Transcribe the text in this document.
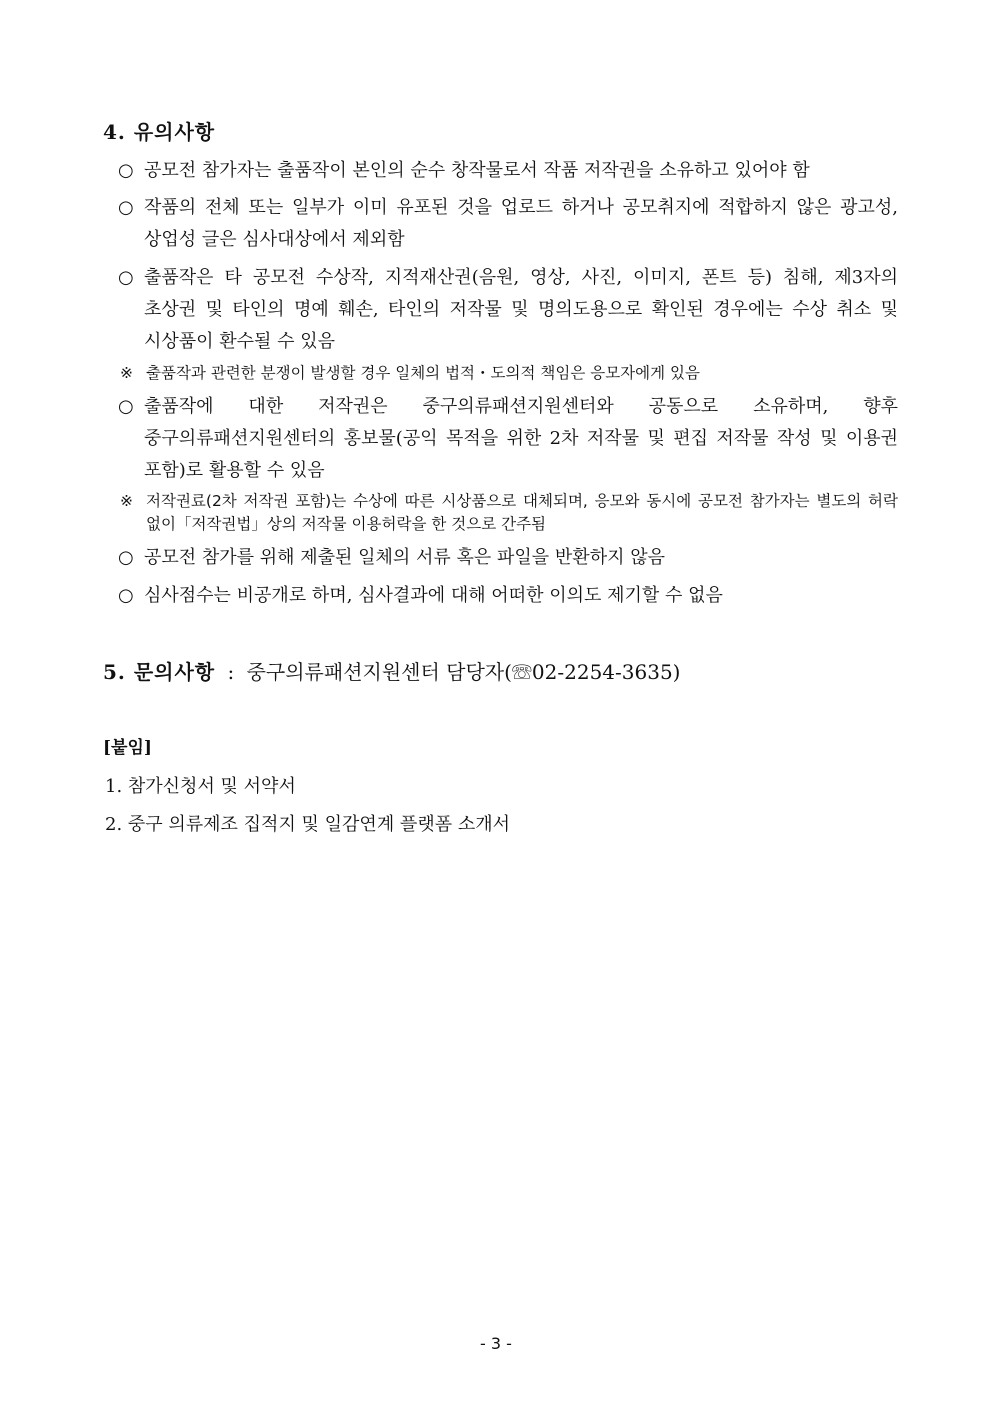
4. 유의사항
○ 공모전 참가자는 출품작이 본인의 순수 창작물로서 작품 저작권을 소유하고 있어야 함
○ 작품의 전체 또는 일부가 이미 유포된 것을 업로드 하거나 공모취지에 적합하지 않은 광고성, 상업성 글은 심사대상에서 제외함
○ 출품작은 타 공모전 수상작, 지적재산권(음원, 영상, 사진, 이미지, 폰트 등) 침해, 제3자의 초상권 및 타인의 명예 훼손, 타인의 저작물 및 명의도용으로 확인된 경우에는 수상 취소 및 시상품이 환수될 수 있음
※ 출품작과 관련한 분쟁이 발생할 경우 일체의 법적・도의적 책임은 응모자에게 있음
○ 출품작에 대한 저작권은 중구의류패션지원센터와 공동으로 소유하며, 향후 중구의류패션지원센터의 홍보물(공익 목적을 위한 2차 저작물 및 편집 저작물 작성 및 이용권 포함)로 활용할 수 있음
※ 저작권료(2차 저작권 포함)는 수상에 따른 시상품으로 대체되며, 응모와 동시에 공모전 참가자는 별도의 허락 없이「저작권법」상의 저작물 이용허락을 한 것으로 간주됨
○ 공모전 참가를 위해 제출된 일체의 서류 혹은 파일을 반환하지 않음
○ 심사점수는 비공개로 하며, 심사결과에 대해 어떠한 이의도 제기할 수 없음
5. 문의사항 : 중구의류패션지원센터 담당자(☏02-2254-3635)
[붙임]
1. 참가신청서 및 서약서
2. 중구 의류제조 집적지 및 일감연계 플랫폼 소개서
- 3 -
